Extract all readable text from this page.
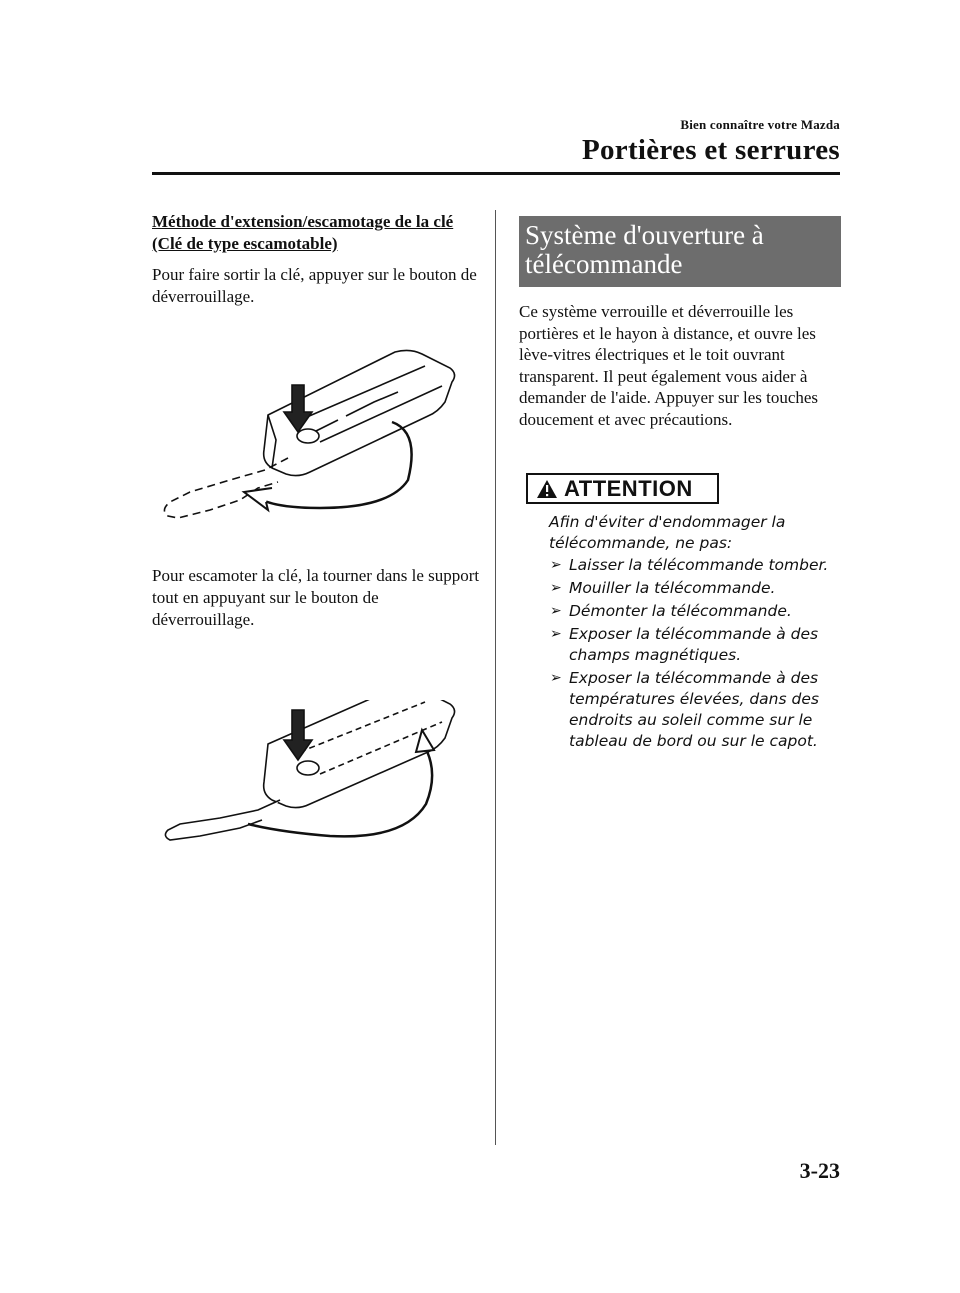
Bien connaître votre Mazda
Portières et serrures

Méthode d'extension/escamotage de la clé (Clé de type escamotable)

Pour faire sortir la clé, appuyer sur le bouton de déverrouillage.

Pour escamoter la clé, la tourner dans le support tout en appuyant sur le bouton de déverrouillage.

Système d'ouverture à télécommande

Ce système verrouille et déverrouille les portières et le hayon à distance, et ouvre les lève-vitres électriques et le toit ouvrant transparent. Il peut également vous aider à demander de l'aide. Appuyer sur les touches doucement et avec précautions.

ATTENTION

Afin d'éviter d'endommager la télécommande, ne pas:

➢ Laisser la télécommande tomber.
➢ Mouiller la télécommande.
➢ Démonter la télécommande.
➢ Exposer la télécommande à des champs magnétiques.
➢ Exposer la télécommande à des températures élevées, dans des endroits au soleil comme sur le tableau de bord ou sur le capot.
3-23
